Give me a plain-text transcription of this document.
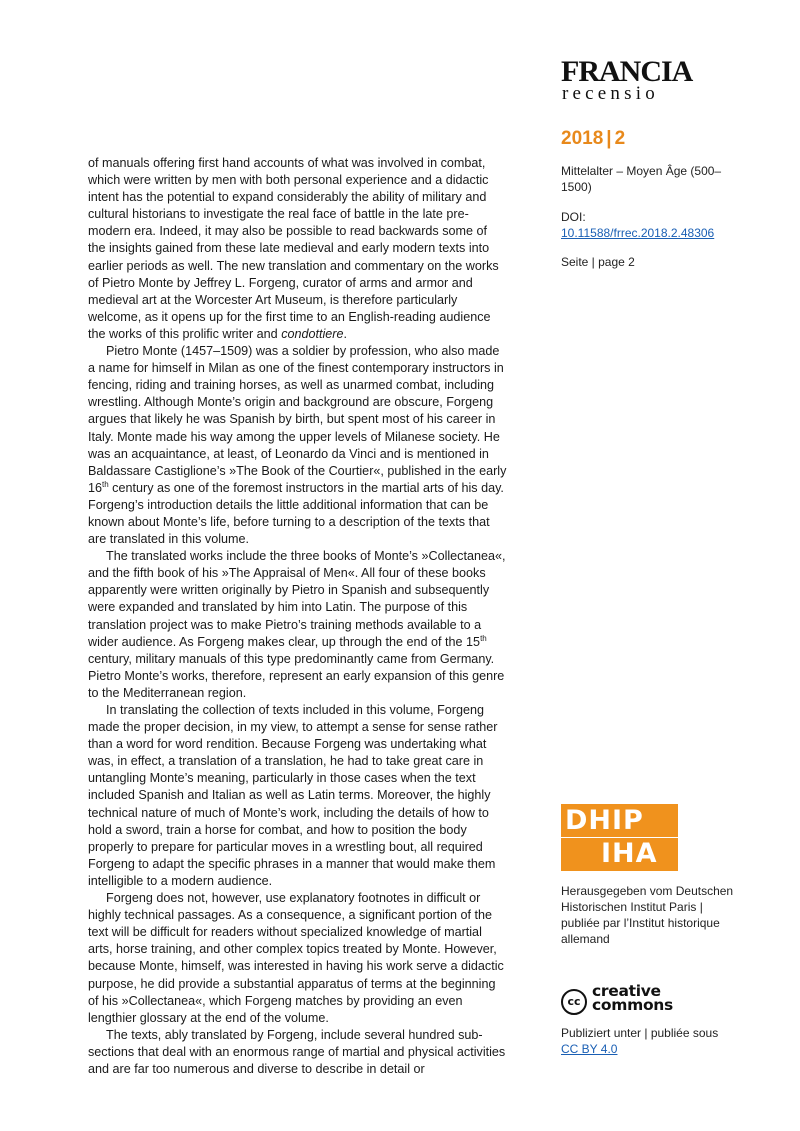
FRANCIA
recensio
2018 | 2
Mittelalter – Moyen Âge (500–1500)
DOI:
10.11588/frrec.2018.2.48306
Seite | page 2

of manuals offering first hand accounts of what was involved in combat, which were written by men with both personal experience and a didactic intent has the potential to expand considerably the ability of military and cultural historians to investigate the real face of battle in the late pre-modern era. Indeed, it may also be possible to read backwards some of the insights gained from these late medieval and early modern texts into earlier periods as well. The new translation and commentary on the works of Pietro Monte by Jeffrey L. Forgeng, curator of arms and armor and medieval art at the Worcester Art Museum, is therefore particularly welcome, as it opens up for the first time to an English-reading audience the works of this prolific writer and condottiere.

Pietro Monte (1457–1509) was a soldier by profession, who also made a name for himself in Milan as one of the finest contemporary instructors in fencing, riding and training horses, as well as unarmed combat, including wrestling. Although Monte’s origin and background are obscure, Forgeng argues that likely he was Spanish by birth, but spent most of his career in Italy. Monte made his way among the upper levels of Milanese society. He was an acquaintance, at least, of Leonardo da Vinci and is mentioned in Baldassare Castiglione’s »The Book of the Courtier«, published in the early 16th century as one of the foremost instructors in the martial arts of his day. Forgeng’s introduction details the little additional information that can be known about Monte’s life, before turning to a description of the texts that are translated in this volume.

The translated works include the three books of Monte’s »Collectanea«, and the fifth book of his »The Appraisal of Men«. All four of these books apparently were written originally by Pietro in Spanish and subsequently were expanded and translated by him into Latin. The purpose of this translation project was to make Pietro’s training methods available to a wider audience. As Forgeng makes clear, up through the end of the 15th century, military manuals of this type predominantly came from Germany. Pietro Monte’s works, therefore, represent an early expansion of this genre to the Mediterranean region.

In translating the collection of texts included in this volume, Forgeng made the proper decision, in my view, to attempt a sense for sense rather than a word for word rendition. Because Forgeng was undertaking what was, in effect, a translation of a translation, he had to take great care in untangling Monte’s meaning, particularly in those cases when the text included Spanish and Italian as well as Latin terms. Moreover, the highly technical nature of much of Monte’s work, including the details of how to hold a sword, train a horse for combat, and how to position the body properly to prepare for particular moves in a wrestling bout, all required Forgeng to adapt the specific phrases in a manner that would make them intelligible to a modern audience.

Forgeng does not, however, use explanatory footnotes in difficult or highly technical passages. As a consequence, a significant portion of the text will be difficult for readers without specialized knowledge of martial arts, horse training, and other complex topics treated by Monte. However, because Monte, himself, was interested in having his work serve a didactic purpose, he did provide a substantial apparatus of terms at the beginning of his »Collectanea«, which Forgeng matches by providing an even lengthier glossary at the end of the volume.

The texts, ably translated by Forgeng, include several hundred sub-sections that deal with an enormous range of martial and physical activities and are far too numerous and diverse to describe in detail or

DHIP
IHA
Herausgegeben vom Deutschen Historischen Institut Paris | publiée par l’Institut historique allemand
cc
creative
commons
Publiziert unter | publiée sous
CC BY 4.0
